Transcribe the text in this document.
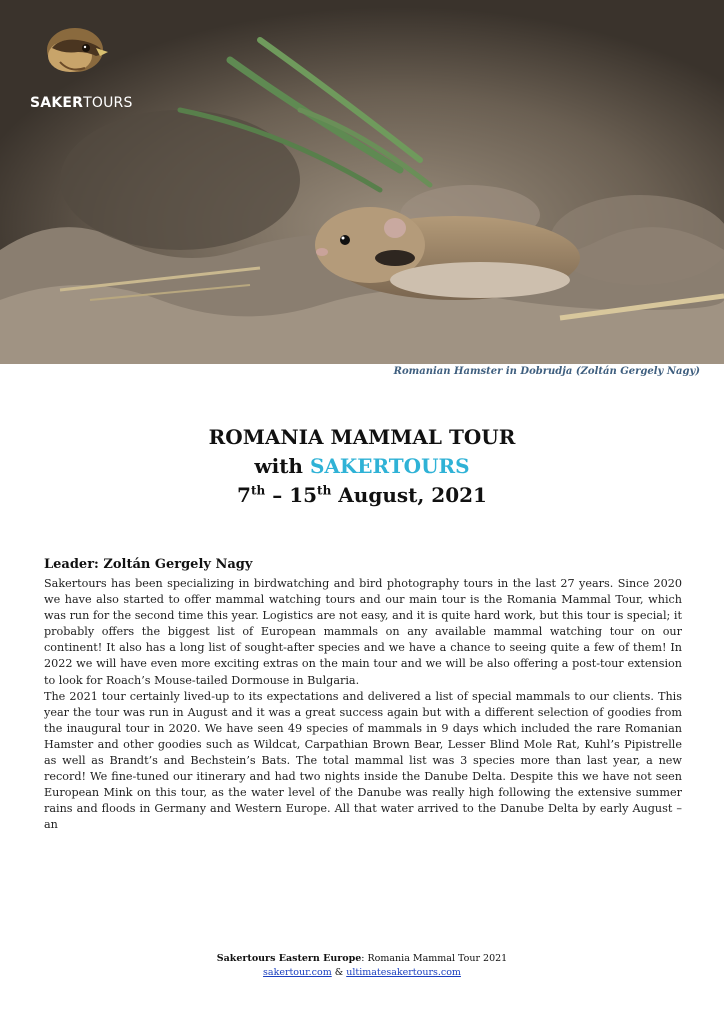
SAKERTOURS
Romanian Hamster in Dobrudja (Zoltán Gergely Nagy)
ROMANIA MAMMAL TOUR
with SAKERTOURS
7th – 15th August, 2021
Leader: Zoltán Gergely Nagy

Sakertours has been specializing in birdwatching and bird photography tours in the last 27 years. Since 2020 we have also started to offer mammal watching tours and our main tour is the Romania Mammal Tour, which was run for the second time this year. Logistics are not easy, and it is quite hard work, but this tour is special; it probably offers the biggest list of European mammals on any available mammal watching tour on our continent! It also has a long list of sought-after species and we have a chance to seeing quite a few of them! In 2022 we will have even more exciting extras on the main tour and we will be also offering a post-tour extension to look for Roach’s Mouse-tailed Dormouse in Bulgaria.

The 2021 tour certainly lived-up to its expectations and delivered a list of special mammals to our clients. This year the tour was run in August and it was a great success again but with a different selection of goodies from the inaugural tour in 2020. We have seen 49 species of mammals in 9 days which included the rare Romanian Hamster and other goodies such as Wildcat, Carpathian Brown Bear, Lesser Blind Mole Rat, Kuhl’s Pipistrelle as well as Brandt’s and Bechstein’s Bats. The total mammal list was 3 species more than last year, a new record! We fine-tuned our itinerary and had two nights inside the Danube Delta. Despite this we have not seen European Mink on this tour, as the water level of the Danube was really high following the extensive summer rains and floods in Germany and Western Europe. All that water arrived to the Danube Delta by early August – an

Sakertours Eastern Europe: Romania Mammal Tour 2021
sakertour.com & ultimatesakertours.com
